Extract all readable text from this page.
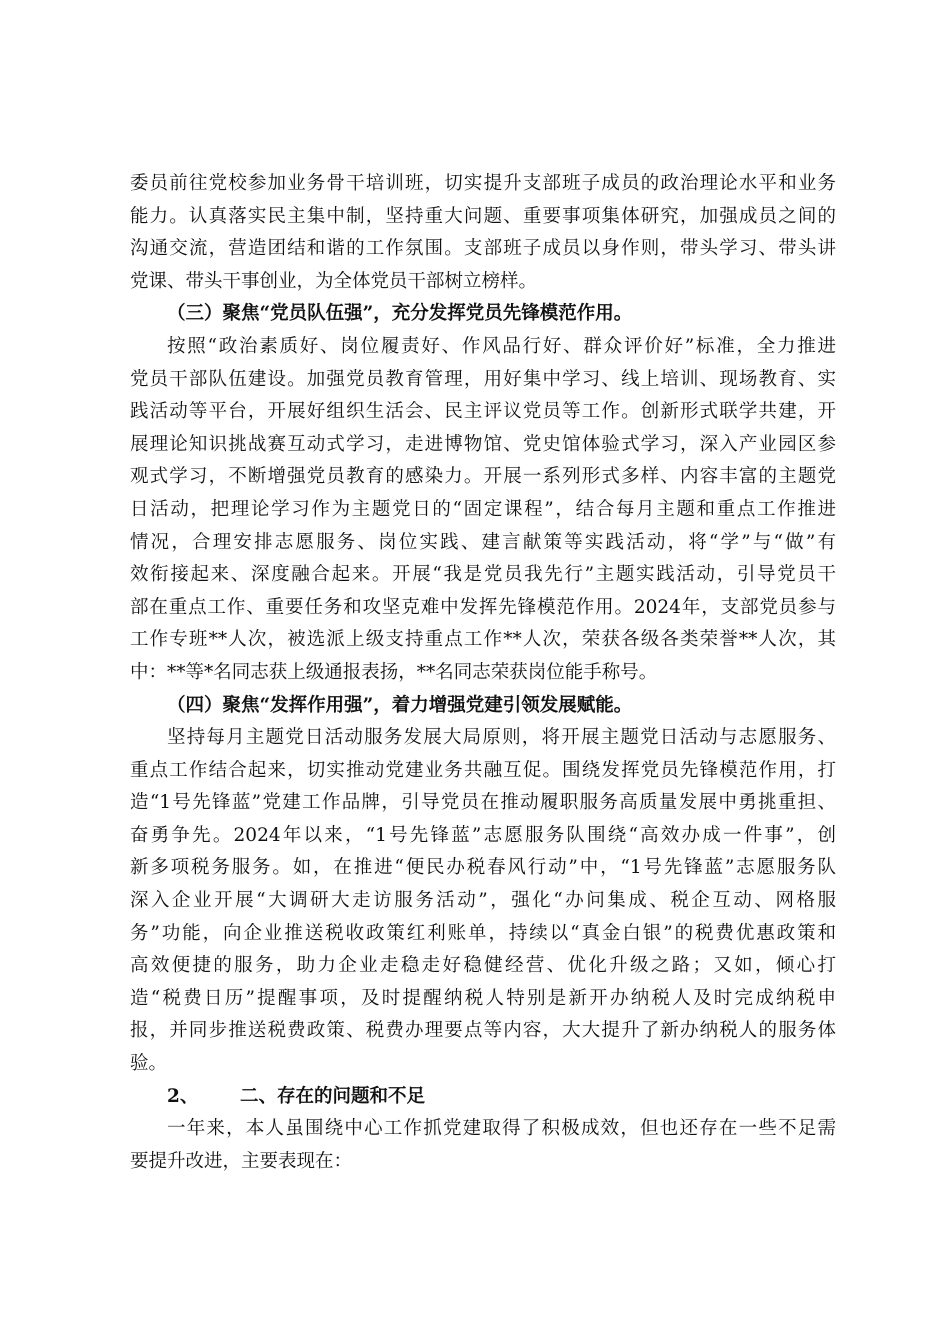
委员前往党校参加业务骨干培训班，切实提升支部班子成员的政治理论水平和业务
能力。认真落实民主集中制，坚持重大问题、重要事项集体研究，加强成员之间的
沟通交流，营造团结和谐的工作氛围。支部班子成员以身作则，带头学习、带头讲
党课、带头干事创业，为全体党员干部树立榜样。
（三）聚焦“党员队伍强”，充分发挥党员先锋模范作用。
按照“政治素质好、岗位履责好、作风品行好、群众评价好”标准，全力推进
党员干部队伍建设。加强党员教育管理，用好集中学习、线上培训、现场教育、实
践活动等平台，开展好组织生活会、民主评议党员等工作。创新形式联学共建，开
展理论知识挑战赛互动式学习，走进博物馆、党史馆体验式学习，深入产业园区参
观式学习，不断增强党员教育的感染力。开展一系列形式多样、内容丰富的主题党
日活动，把理论学习作为主题党日的“固定课程”，结合每月主题和重点工作推进
情况，合理安排志愿服务、岗位实践、建言献策等实践活动，将“学”与“做”有
效衔接起来、深度融合起来。开展“我是党员我先行”主题实践活动，引导党员干
部在重点工作、重要任务和攻坚克难中发挥先锋模范作用。2024年，支部党员参与
工作专班**人次，被选派上级支持重点工作**人次，荣获各级各类荣誉**人次，其
中：**等*名同志获上级通报表扬，**名同志荣获岗位能手称号。
（四）聚焦“发挥作用强”，着力增强党建引领发展赋能。
坚持每月主题党日活动服务发展大局原则，将开展主题党日活动与志愿服务、
重点工作结合起来，切实推动党建业务共融互促。围绕发挥党员先锋模范作用，打
造“1号先锋蓝”党建工作品牌，引导党员在推动履职服务高质量发展中勇挑重担、
奋勇争先。2024年以来，“1号先锋蓝”志愿服务队围绕“高效办成一件事”，创
新多项税务服务。如，在推进“便民办税春风行动”中，“1号先锋蓝”志愿服务队
深入企业开展“大调研大走访服务活动”，强化“办问集成、税企互动、网格服
务”功能，向企业推送税收政策红利账单，持续以“真金白银”的税费优惠政策和
高效便捷的服务，助力企业走稳走好稳健经营、优化升级之路；又如，倾心打
造“税费日历”提醒事项，及时提醒纳税人特别是新开办纳税人及时完成纳税申
报，并同步推送税费政策、税费办理要点等内容，大大提升了新办纳税人的服务体
验。
2、 二、存在的问题和不足
一年来，本人虽围绕中心工作抓党建取得了积极成效，但也还存在一些不足需
要提升改进，主要表现在：
